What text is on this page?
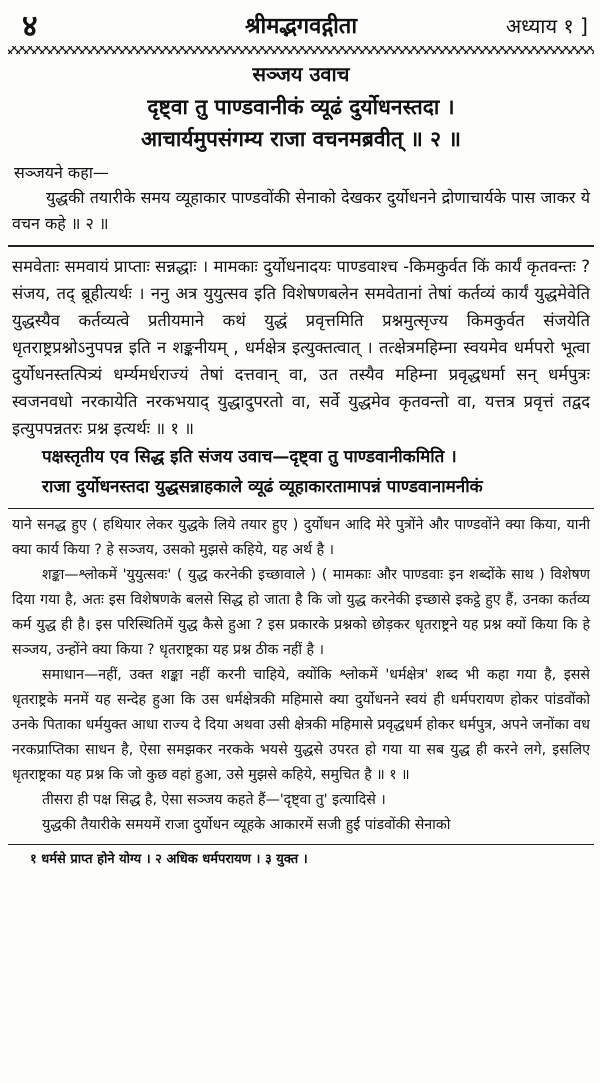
४	श्रीमद्भगवद्गीता	अध्याय १ ]
सञ्जय उवाच
दृष्ट्वा तु पाण्डवानीकं व्यूढं दुर्योधनस्तदा ।
आचार्यमुपसंगम्य राजा वचनमब्रवीत् ॥ २ ॥
सञ्जयने कहा—
युद्धकी तयारीके समय व्यूहाकार पाण्डवोंकी सेनाको देखकर दुर्योधनने द्रोणाचार्यके पास जाकर ये वचन कहे ॥ २ ॥
समवेताः समवायं प्राप्ताः सन्नद्धाः । मामकाः दुर्योधनादयः पाण्डवाश्च -किमकुर्वत किं कार्यं कृतवन्तः ? संजय, तद् ब्रूहीत्यर्थः । ननु अत्र युयुत्सव इति विशेषणबलेन समवेतानां तेषां कर्तव्यं कार्यं युद्धमेवेति युद्धस्यैव कर्तव्यत्वे प्रतीयमाने कथं युद्धं प्रवृत्तमिति प्रश्नमुत्सृज्य किमकुर्वत संजयेति धृतराष्ट्रप्रश्नोऽनुपपन्न इति न शङ्कनीयम् , धर्मक्षेत्र इत्युक्तत्वात् । तत्क्षेत्रमहिम्ना स्वयमेव धर्मपरो भूत्वा दुर्योधनस्तत्पित्र्यं धर्म्यमर्धराज्यं तेषां दत्तवान् वा, उत तस्यैव महिम्ना प्रवृद्धधर्मा सन् धर्मपुत्रः स्वजनवधो नरकायेति नरकभयाद् युद्धादुपरतो वा, सर्वे युद्धमेव कृतवन्तो वा, यत्तत्र प्रवृत्तं तद्वद इत्युपपन्नतरः प्रश्न इत्यर्थः ॥ १ ॥
पक्षस्तृतीय एव सिद्ध इति संजय उवाच—दृष्ट्वा तु पाण्डवानीकमिति ।
राजा दुर्योधनस्तदा युद्धसन्नाहकाले व्यूढं व्यूहाकारतामापन्नं पाण्डवानामनीकं

याने सनद्ध हुए ( हथियार लेकर युद्धके लिये तयार हुए ) दुर्योधन आदि मेरे पुत्रोंने और पाण्डवोंने क्या किया, यानी क्या कार्य किया ? हे सञ्जय, उसको मुझसे कहिये, यह अर्थ है ।

शङ्का—श्लोकमें 'युयुत्सवः' ( युद्ध करनेकी इच्छावाले ) ( मामकाः और पाण्डवाः इन शब्दोंके साथ ) विशेषण दिया गया है, अतः इस विशेषणके बलसे सिद्ध हो जाता है कि जो युद्ध करनेकी इच्छासे इकट्ठे हुए हैं, उनका कर्तव्य कर्म युद्ध ही है। इस परिस्थितिमें युद्ध कैसे हुआ ? इस प्रकारके प्रश्नको छोड़कर धृतराष्ट्रने यह प्रश्न क्यों किया कि हे सञ्जय, उन्होंने क्या किया ? धृतराष्ट्रका यह प्रश्न ठीक नहीं है ।

समाधान—नहीं, उक्त शङ्का नहीं करनी चाहिये, क्योंकि श्लोकमें 'धर्मक्षेत्र' शब्द भी कहा गया है, इससे धृतराष्ट्रके मनमें यह सन्देह हुआ कि उस धर्मक्षेत्रकी महिमासे क्या दुर्योधनने स्वयं ही धर्मपरायण होकर पांडवोंको उनके पिताका धर्मयुक्त आधा राज्य दे दिया अथवा उसी क्षेत्रकी महिमासे प्रवृद्धधर्म होकर धर्मपुत्र, अपने जनोंका वध नरकप्राप्तिका साधन है, ऐसा समझकर नरकके भयसे युद्धसे उपरत हो गया या सब युद्ध ही करने लगे, इसलिए धृतराष्ट्रका यह प्रश्न कि जो कुछ वहां हुआ, उसे मुझसे कहिये, समुचित है ॥ १ ॥

तीसरा ही पक्ष सिद्ध है, ऐसा सञ्जय कहते हैं—'दृष्ट्वा तु' इत्यादिसे ।

युद्धकी तैयारीके समयमें राजा दुर्योधन व्यूहके आकारमें सजी हुई पांडवोंकी सेनाको

१ धर्मसे प्राप्त होने योग्य । २ अधिक धर्मपरायण । ३ युक्त ।
